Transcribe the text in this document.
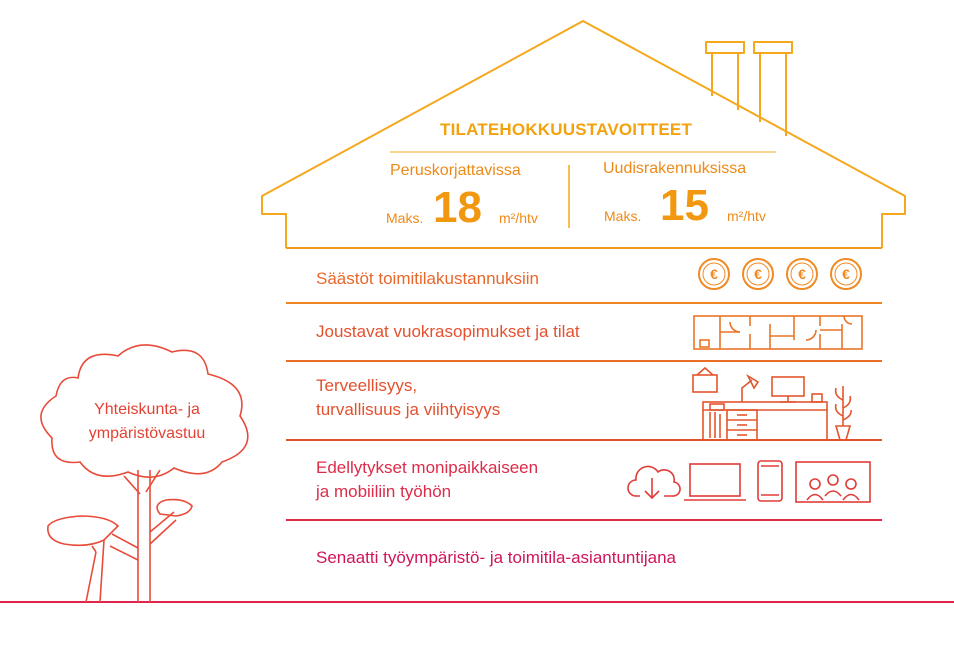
€	€	€	€

TILATEHOKKUUSTAVOITTEET

Peruskorjattavissa

Maks. 18 m²/htv

Uudisrakennuksissa

Maks. 15 m²/htv

Säästöt toimitilakustannuksiin
Joustavat vuokrasopimukset ja tilat
Terveellisyys,
turvallisuus ja viihtyisyys
Edellytykset monipaikkaiseen
ja mobiiliin työhön
Senaatti työympäristö- ja toimitila-asiantuntijana
Yhteiskunta- ja
ympäristövastuu
